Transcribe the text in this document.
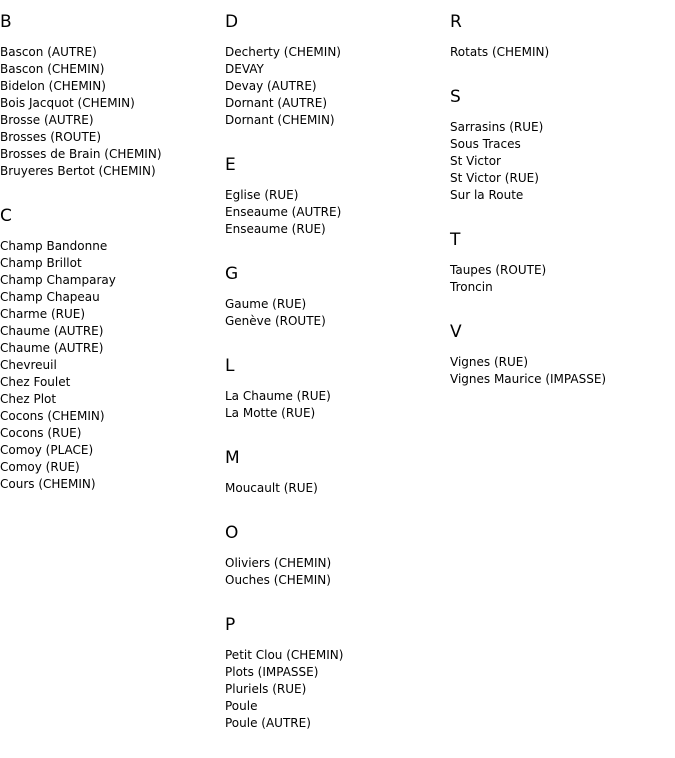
B
Bascon (AUTRE)
Bascon (CHEMIN)
Bidelon (CHEMIN)
Bois Jacquot (CHEMIN)
Brosse (AUTRE)
Brosses (ROUTE)
Brosses de Brain (CHEMIN)
Bruyeres Bertot (CHEMIN)
C
Champ Bandonne
Champ Brillot
Champ Champaray
Champ Chapeau
Charme (RUE)
Chaume (AUTRE)
Chaume (AUTRE)
Chevreuil
Chez Foulet
Chez Plot
Cocons (CHEMIN)
Cocons (RUE)
Comoy (PLACE)
Comoy (RUE)
Cours (CHEMIN)
D
Decherty (CHEMIN)
DEVAY
Devay (AUTRE)
Dornant (AUTRE)
Dornant (CHEMIN)
E
Eglise (RUE)
Enseaume (AUTRE)
Enseaume (RUE)
G
Gaume (RUE)
Genève (ROUTE)
L
La Chaume (RUE)
La Motte (RUE)
M
Moucault (RUE)
O
Oliviers (CHEMIN)
Ouches (CHEMIN)
P
Petit Clou (CHEMIN)
Plots (IMPASSE)
Pluriels (RUE)
Poule
Poule (AUTRE)
R
Rotats (CHEMIN)
S
Sarrasins (RUE)
Sous Traces
St Victor
St Victor (RUE)
Sur la Route
T
Taupes (ROUTE)
Troncin
V
Vignes (RUE)
Vignes Maurice (IMPASSE)
